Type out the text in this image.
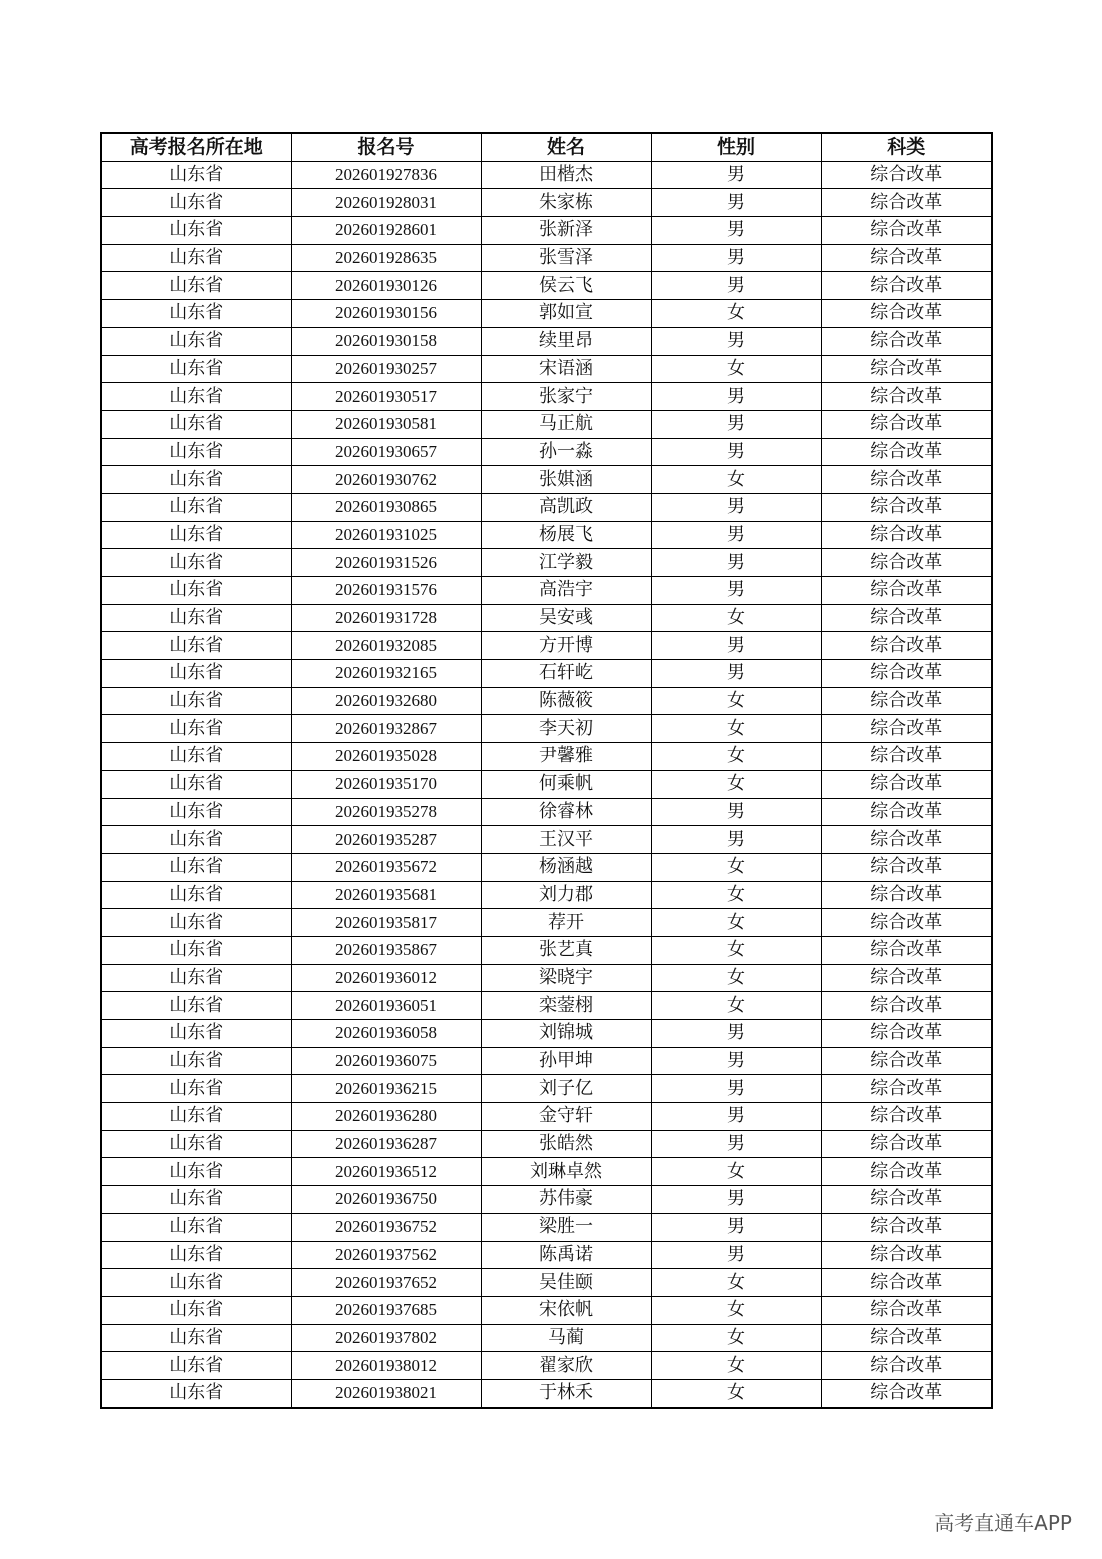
高考报名所在地	报名号	姓名	性别	科类
山东省	202601927836	田楷杰	男	综合改革
山东省	202601928031	朱家栋	男	综合改革
山东省	202601928601	张新泽	男	综合改革
山东省	202601928635	张雪泽	男	综合改革
山东省	202601930126	侯云飞	男	综合改革
山东省	202601930156	郭如宣	女	综合改革
山东省	202601930158	续里昂	男	综合改革
山东省	202601930257	宋语涵	女	综合改革
山东省	202601930517	张家宁	男	综合改革
山东省	202601930581	马正航	男	综合改革
山东省	202601930657	孙一淼	男	综合改革
山东省	202601930762	张娸涵	女	综合改革
山东省	202601930865	高凯政	男	综合改革
山东省	202601931025	杨展飞	男	综合改革
山东省	202601931526	江学毅	男	综合改革
山东省	202601931576	高浩宇	男	综合改革
山东省	202601931728	吴安彧	女	综合改革
山东省	202601932085	方开博	男	综合改革
山东省	202601932165	石轩屹	男	综合改革
山东省	202601932680	陈薇筱	女	综合改革
山东省	202601932867	李天初	女	综合改革
山东省	202601935028	尹馨雅	女	综合改革
山东省	202601935170	何乘帆	女	综合改革
山东省	202601935278	徐睿林	男	综合改革
山东省	202601935287	王汉平	男	综合改革
山东省	202601935672	杨涵越	女	综合改革
山东省	202601935681	刘力郡	女	综合改革
山东省	202601935817	荐开	女	综合改革
山东省	202601935867	张艺真	女	综合改革
山东省	202601936012	梁晓宇	女	综合改革
山东省	202601936051	栾蓥栩	女	综合改革
山东省	202601936058	刘锦城	男	综合改革
山东省	202601936075	孙甲坤	男	综合改革
山东省	202601936215	刘子亿	男	综合改革
山东省	202601936280	金守轩	男	综合改革
山东省	202601936287	张皓然	男	综合改革
山东省	202601936512	刘琳卓然	女	综合改革
山东省	202601936750	苏伟豪	男	综合改革
山东省	202601936752	梁胜一	男	综合改革
山东省	202601937562	陈禹诺	男	综合改革
山东省	202601937652	吴佳颐	女	综合改革
山东省	202601937685	宋依帆	女	综合改革
山东省	202601937802	马蔺	女	综合改革
山东省	202601938012	翟家欣	女	综合改革
山东省	202601938021	于林禾	女	综合改革
高考直通车APP
